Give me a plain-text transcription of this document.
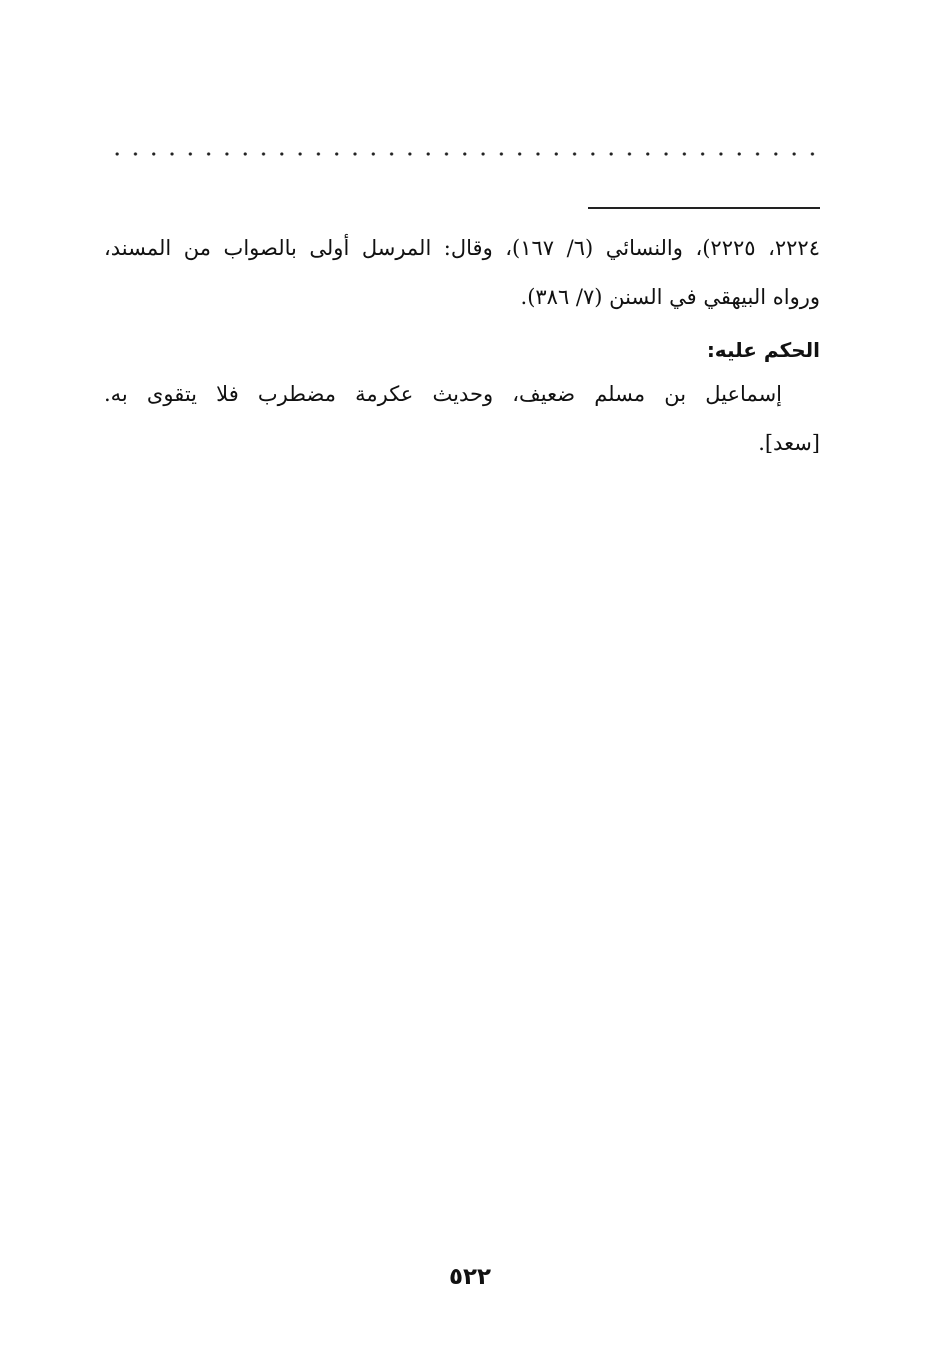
٢٢٢٤، ٢٢٢٥)، والنسائي (٦/ ١٦٧)، وقال: المرسل أولى بالصواب من المسند،
ورواه البيهقي في السنن (٧/ ٣٨٦).
الحكم عليه:
إسماعيل بن مسلم ضعيف، وحديث عكرمة مضطرب فلا يتقوى به.
[سعد].
٥٢٢
